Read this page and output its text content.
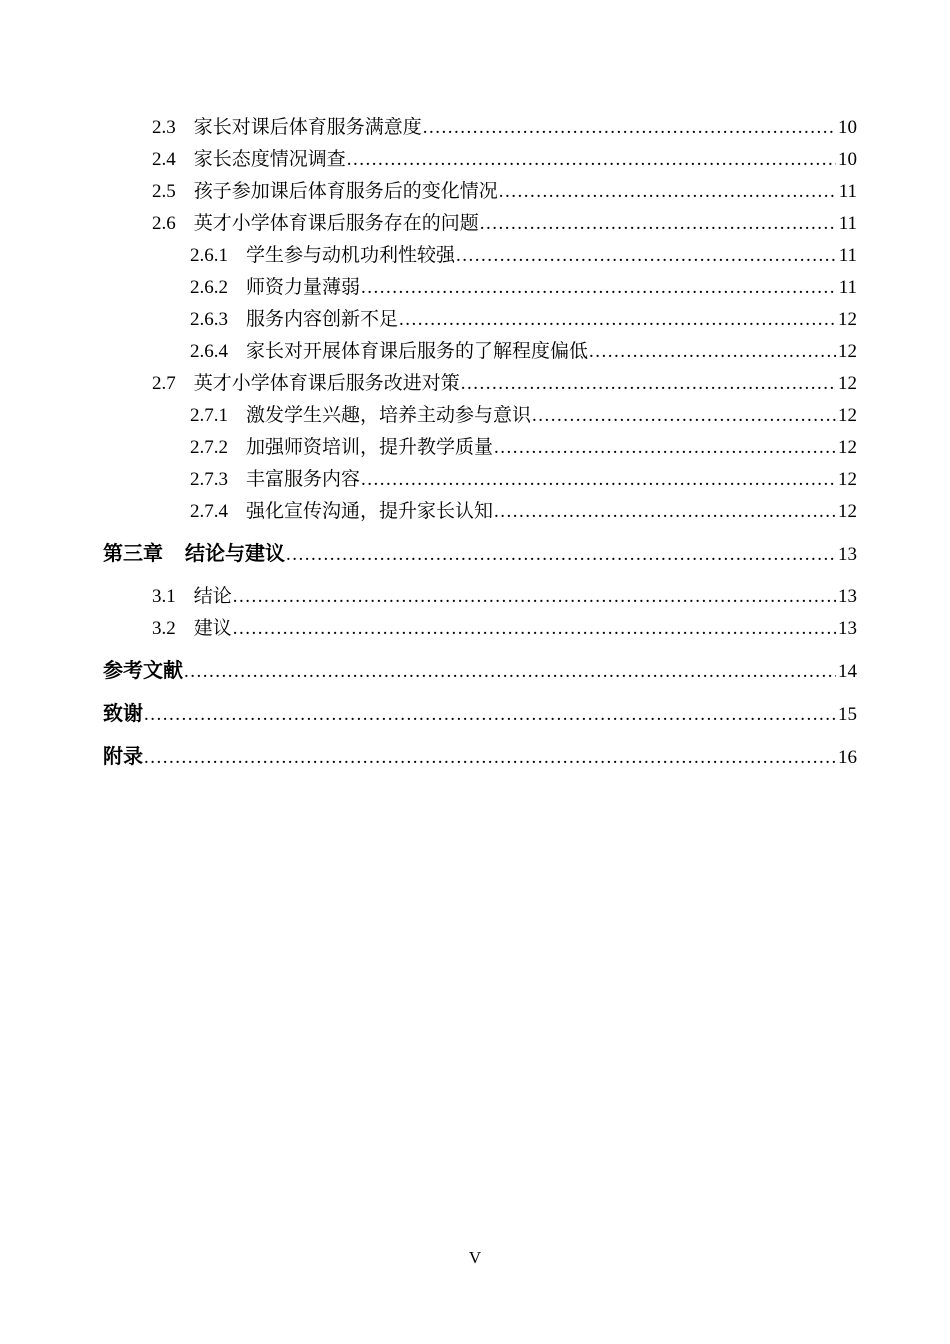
2.3 家长对课后体育服务满意度 .....	10
2.4 家长态度情况调查 .....	10
2.5 孩子参加课后体育服务后的变化情况 .....	11
2.6 英才小学体育课后服务存在的问题 .....	11
2.6.1 学生参与动机功利性较强 .....	11
2.6.2 师资力量薄弱 .....	11
2.6.3 服务内容创新不足 .....	12
2.6.4 家长对开展体育课后服务的了解程度偏低 .....	12
2.7 英才小学体育课后服务改进对策 .....	12
2.7.1 激发学生兴趣，培养主动参与意识 .....	12
2.7.2 加强师资培训，提升教学质量 .....	12
2.7.3 丰富服务内容 .....	12
2.7.4 强化宣传沟通，提升家长认知 .....	12
第三章 结论与建议 .....	13
3.1 结论 .....	13
3.2 建议 .....	13
参考文献 .....	14
致谢 .....	15
附录 .....	16
V
